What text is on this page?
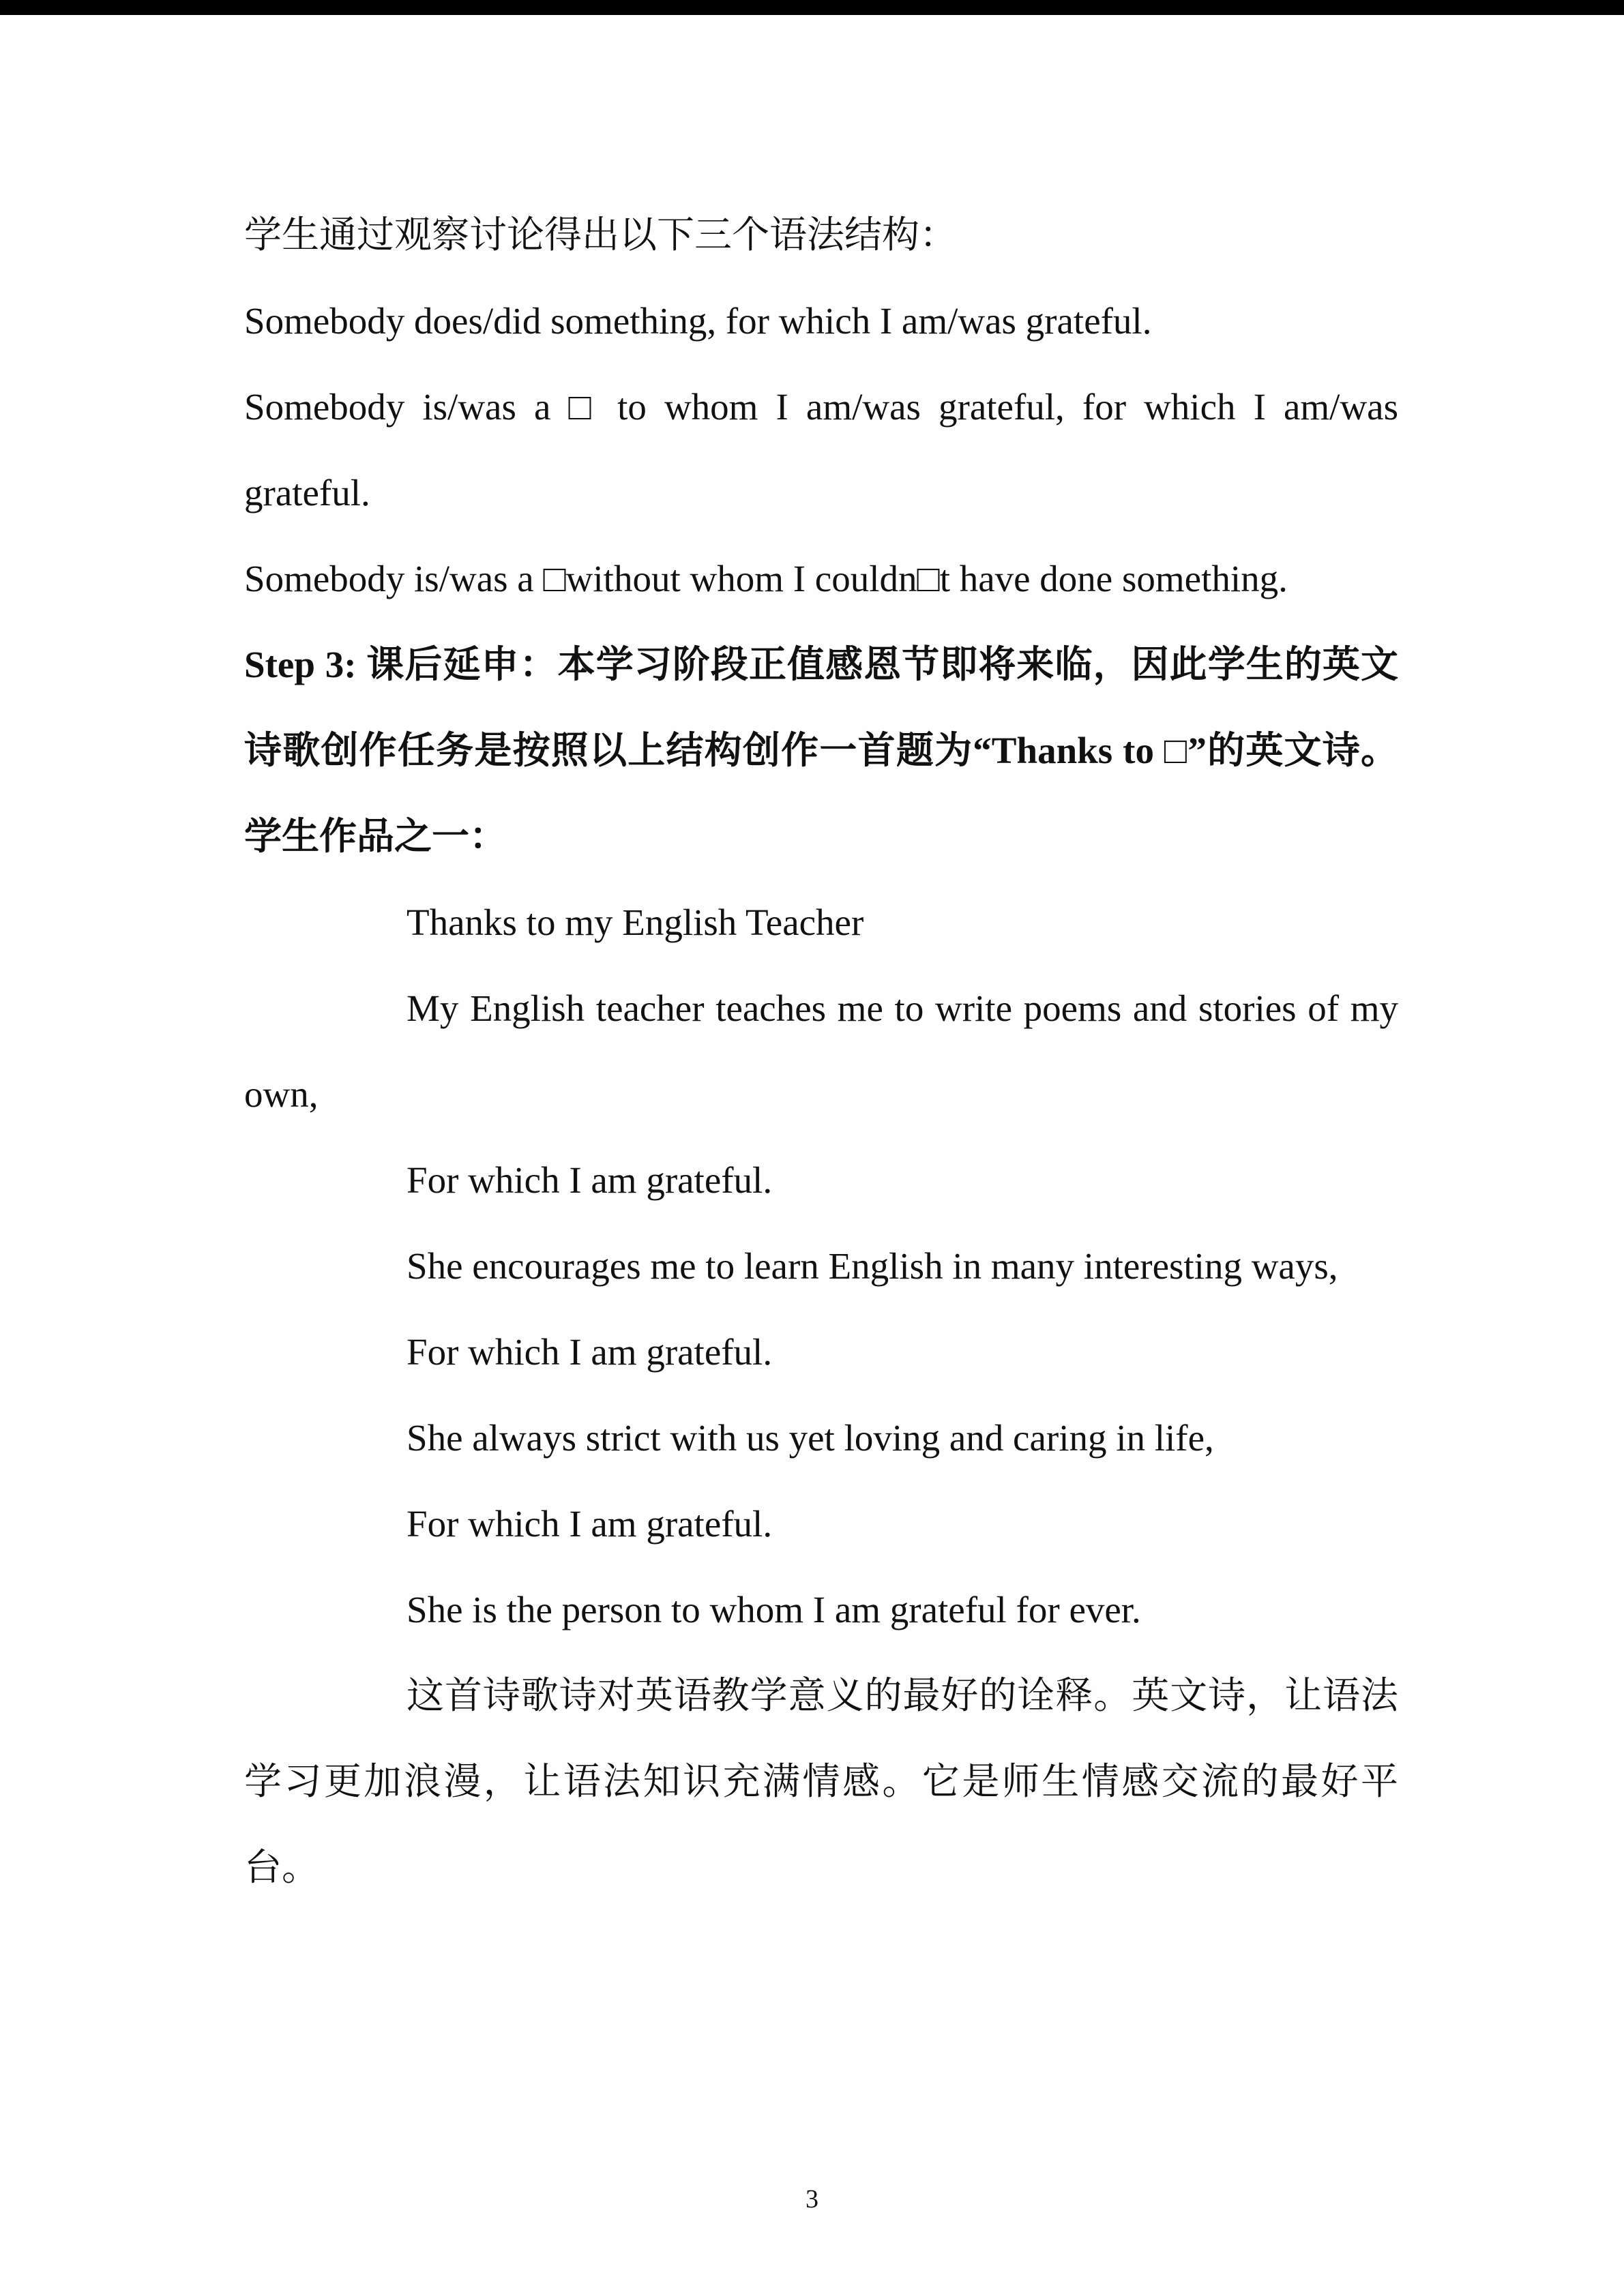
学生通过观察讨论得出以下三个语法结构：

Somebody does/did something, for which I am/was grateful.

Somebody is/was a □ to whom I am/was grateful, for which I am/was grateful.

Somebody is/was a □without whom I couldn□t have done something.

Step 3: 课后延申：本学习阶段正值感恩节即将来临，因此学生的英文诗歌创作任务是按照以上结构创作一首题为“Thanks to □”的英文诗。学生作品之一：

Thanks to my English Teacher

My English teacher teaches me to write poems and stories of my own,

For which I am grateful.

She encourages me to learn English in many interesting ways,

For which I am grateful.

She always strict with us yet loving and caring in life,

For which I am grateful.

She is the person to whom I am grateful for ever.

这首诗歌诗对英语教学意义的最好的诠释。英文诗，让语法学习更加浪漫，让语法知识充满情感。它是师生情感交流的最好平台。

3
